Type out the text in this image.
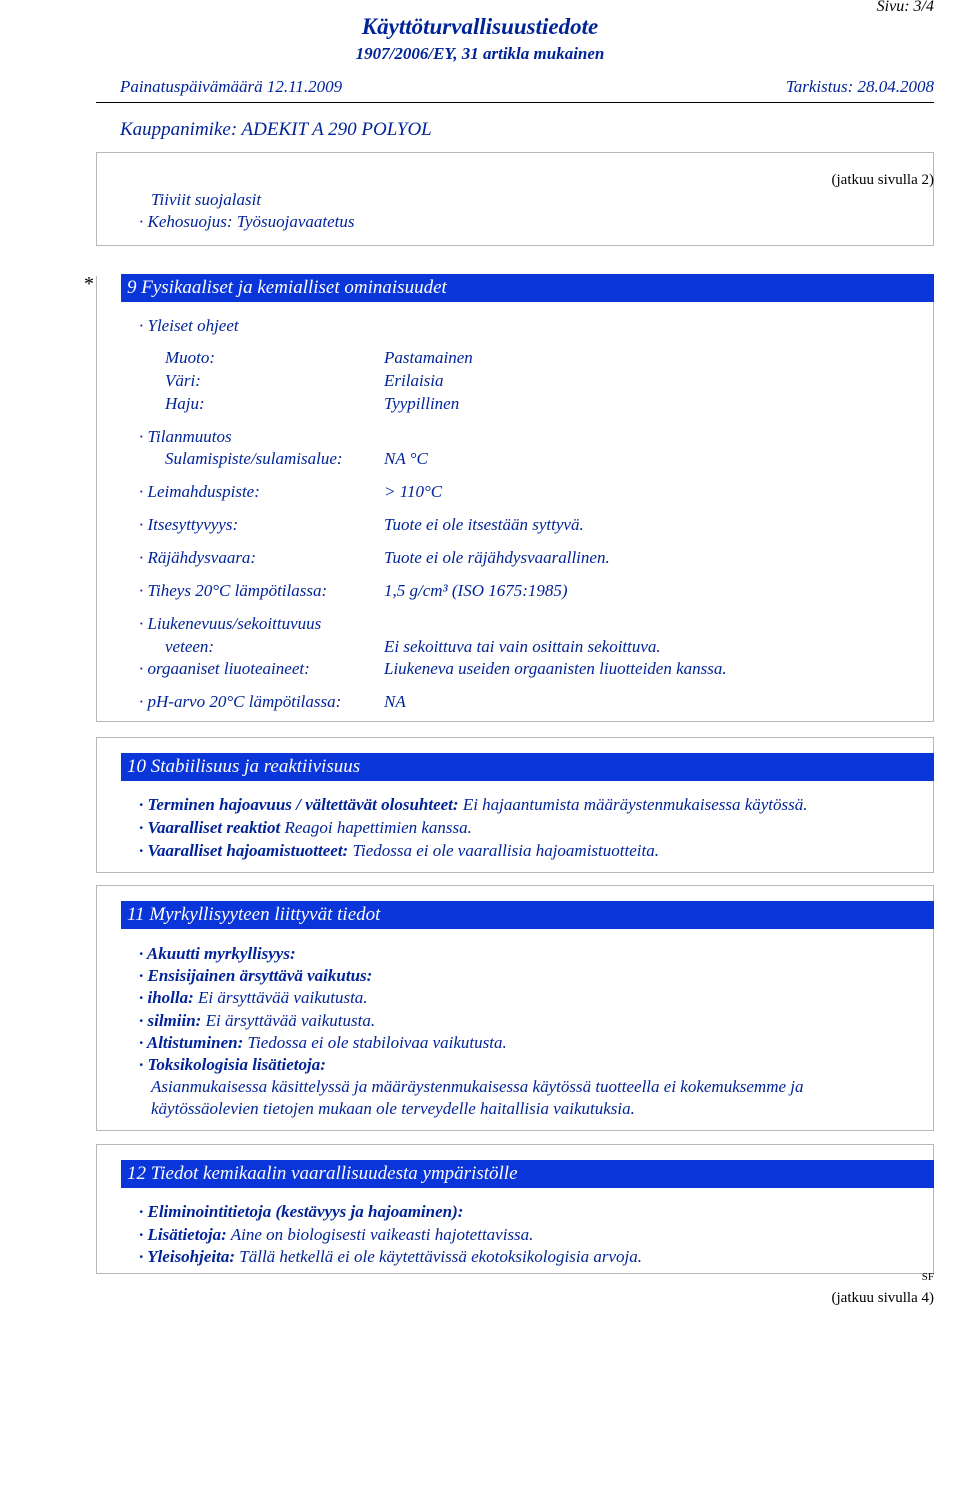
Sivu: 3/4
Käyttöturvallisuustiedote
1907/2006/EY, 31 artikla mukainen
Painatuspäivämäärä 12.11.2009	Tarkistus: 28.04.2008
Kauppanimike: ADEKIT A 290 POLYOL
(jatkuu sivulla 2)
Tiiviit suojalasit
· Kehosuojus: Työsuojavaatetus
*	9 Fysikaaliset ja kemialliset ominaisuudet
· Yleiset ohjeet
Muoto:	Pastamainen
Väri:	Erilaisia
Haju:	Tyypillinen
· Tilanmuutos
Sulamispiste/sulamisalue: NA °C
· Leimahduspiste:	> 110°C
· Itsesyttyvyys:	Tuote ei ole itsestään syttyvä.
· Räjähdysvaara:	Tuote ei ole räjähdysvaarallinen.
· Tiheys 20°C lämpötilassa:	1,5 g/cm³ (ISO 1675:1985)
· Liukenevuus/sekoittuvuus
veteen:	Ei sekoittuva tai vain osittain sekoittuva.
· orgaaniset liuoteaineet:	Liukeneva useiden orgaanisten liuotteiden kanssa.
· pH-arvo 20°C lämpötilassa:	NA
10 Stabiilisuus ja reaktiivisuus
· Terminen hajoavuus / vältettävät olosuhteet: Ei hajaantumista määräystenmukaisessa käytössä.
· Vaaralliset reaktiot Reagoi hapettimien kanssa.
· Vaaralliset hajoamistuotteet: Tiedossa ei ole vaarallisia hajoamistuotteita.
11 Myrkyllisyyteen liittyvät tiedot
· Akuutti myrkyllisyys:
· Ensisijainen ärsyttävä vaikutus:
· iholla: Ei ärsyttävää vaikutusta.
· silmiin: Ei ärsyttävää vaikutusta.
· Altistuminen: Tiedossa ei ole stabiloivaa vaikutusta.
· Toksikologisia lisätietoja:
Asianmukaisessa käsittelyssä ja määräystenmukaisessa käytössä tuotteella ei kokemuksemme ja
käytössäolevien tietojen mukaan ole terveydelle haitallisia vaikutuksia.
12 Tiedot kemikaalin vaarallisuudesta ympäristölle
· Eliminointitietoja (kestävyys ja hajoaminen):
· Lisätietoja: Aine on biologisesti vaikeasti hajotettavissa.
· Yleisohjeita: Tällä hetkellä ei ole käytettävissä ekotoksikologisia arvoja.
SF
(jatkuu sivulla 4)
